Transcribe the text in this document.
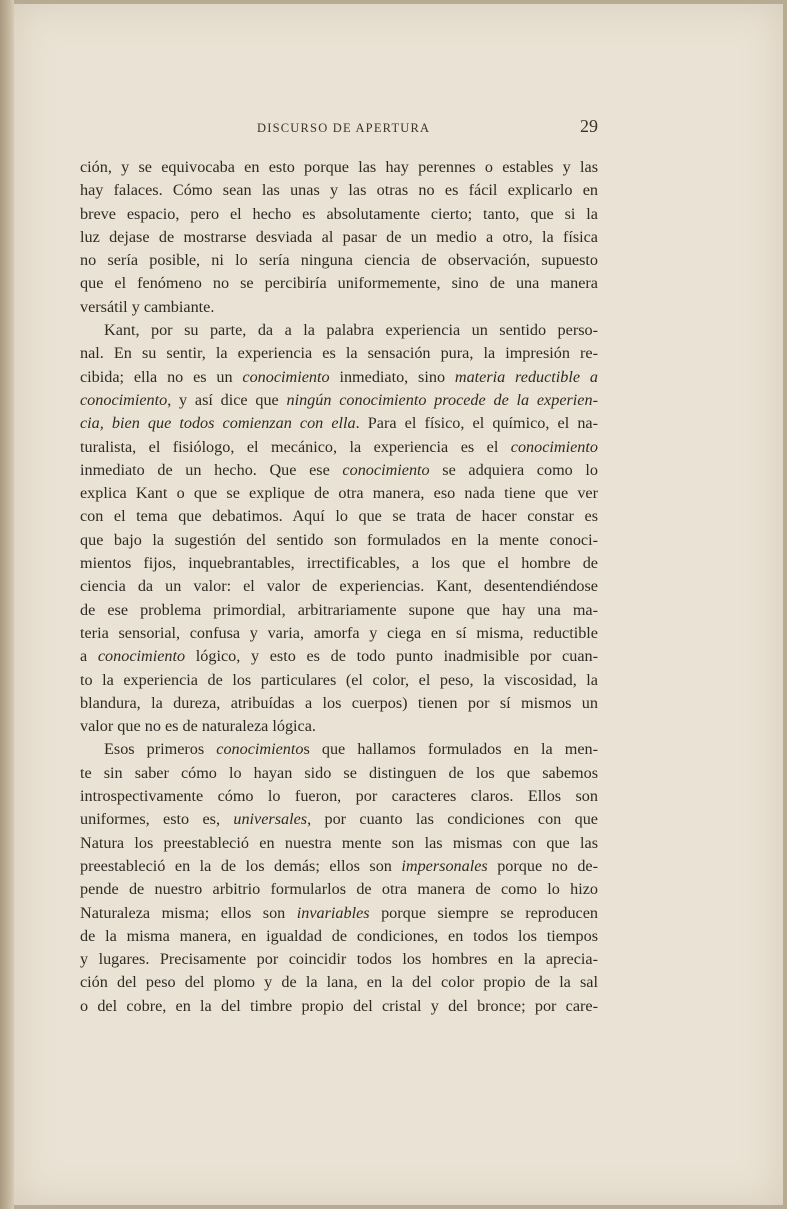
DISCURSO DE APERTURA	29
ción, y se equivocaba en esto porque las hay perennes o estables y las
hay falaces. Cómo sean las unas y las otras no es fácil explicarlo en
breve espacio, pero el hecho es absolutamente cierto; tanto, que si la
luz dejase de mostrarse desviada al pasar de un medio a otro, la física
no sería posible, ni lo sería ninguna ciencia de observación, supuesto
que el fenómeno no se percibiría uniformemente, sino de una manera
versátil y cambiante.
Kant, por su parte, da a la palabra experiencia un sentido perso-
nal. En su sentir, la experiencia es la sensación pura, la impresión re-
cibida; ella no es un conocimiento inmediato, sino materia reductible a
conocimiento, y así dice que ningún conocimiento procede de la experien-
cia, bien que todos comienzan con ella. Para el físico, el químico, el na-
turalista, el fisiólogo, el mecánico, la experiencia es el conocimiento
inmediato de un hecho. Que ese conocimiento se adquiera como lo
explica Kant o que se explique de otra manera, eso nada tiene que ver
con el tema que debatimos. Aquí lo que se trata de hacer constar es
que bajo la sugestión del sentido son formulados en la mente conoci-
mientos fijos, inquebrantables, irrectificables, a los que el hombre de
ciencia da un valor: el valor de experiencias. Kant, desentendiéndose
de ese problema primordial, arbitrariamente supone que hay una ma-
teria sensorial, confusa y varia, amorfa y ciega en sí misma, reductible
a conocimiento lógico, y esto es de todo punto inadmisible por cuan-
to la experiencia de los particulares (el color, el peso, la viscosidad, la
blandura, la dureza, atribuídas a los cuerpos) tienen por sí mismos un
valor que no es de naturaleza lógica.
Esos primeros conocimientos que hallamos formulados en la men-
te sin saber cómo lo hayan sido se distinguen de los que sabemos
introspectivamente cómo lo fueron, por caracteres claros. Ellos son
uniformes, esto es, universales, por cuanto las condiciones con que
Natura los preestableció en nuestra mente son las mismas con que las
preestableció en la de los demás; ellos son impersonales porque no de-
pende de nuestro arbitrio formularlos de otra manera de como lo hizo
Naturaleza misma; ellos son invariables porque siempre se reproducen
de la misma manera, en igualdad de condiciones, en todos los tiempos
y lugares. Precisamente por coincidir todos los hombres en la aprecia-
ción del peso del plomo y de la lana, en la del color propio de la sal
o del cobre, en la del timbre propio del cristal y del bronce; por care-
